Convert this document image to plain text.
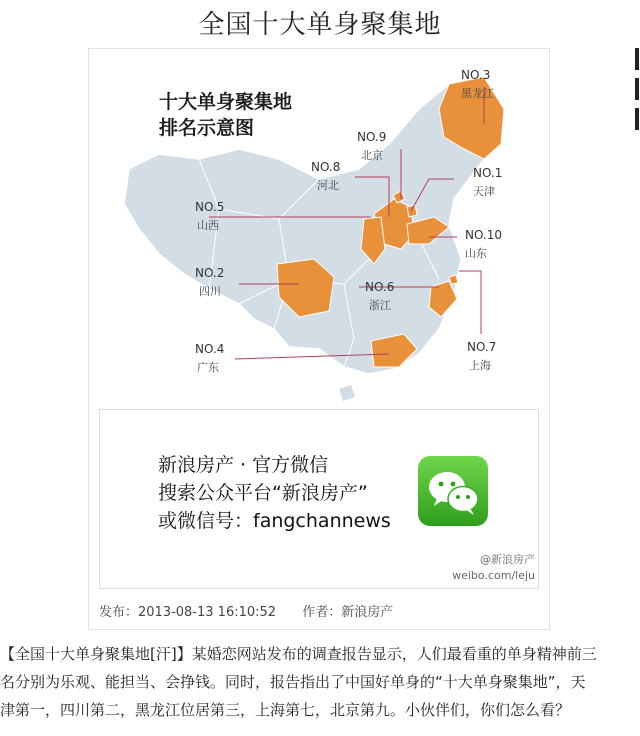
全国十大单身聚集地
NO.3
黑龙江
NO.9
北京
NO.8
河北
NO.1
天津
NO.5
山西
NO.10
山东
NO.2
四川	NO.6
浙江
NO.4
广东
NO.7
上海
十大单身聚集地
排名示意图
新浪房产 · 官方微信
搜索公众平台“新浪房产”
或微信号：fangchannews
@新浪房产
weibo.com/leju
发布：2013-08-13 16:10:52 作者：新浪房产
【全国十大单身聚集地[汗]】某婚恋网站发布的调查报告显示，人们最看重的单身精神前三
名分别为乐观、能担当、会挣钱。同时，报告指出了中国好单身的“十大单身聚集地”，天
津第一，四川第二，黑龙江位居第三，上海第七，北京第九。小伙伴们，你们怎么看？
